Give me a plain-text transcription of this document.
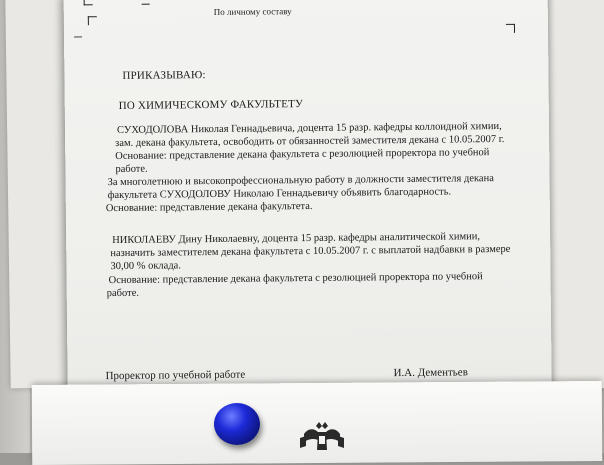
По личному составу
ПРИКАЗЫВАЮ:
ПО ХИМИЧЕСКОМУ ФАКУЛЬТЕТУ
СУХОДОЛОВА Николая Геннадьевича, доцента 15 разр. кафедры коллоидной химии,
зам. декана факультета, освободить от обязанностей заместителя декана с 10.05.2007 г.
Основание: представление декана факультета с резолюцией проректора по учебной
работе.
За многолетнюю и высокопрофессиональную работу в должности заместителя декана
факультета СУХОДОЛОВУ Николаю Геннадьевичу объявить благодарность.
Основание: представление декана факультета.
НИКОЛАЕВУ Дину Николаевну, доцента 15 разр. кафедры аналитической химии,
назначить заместителем декана факультета с 10.05.2007 г. с выплатой надбавки в размере
30,00 % оклада.
Основание: представление декана факультета с резолюцией проректора по учебной
работе.
Проректор по учебной работе	И.А. Дементьев
